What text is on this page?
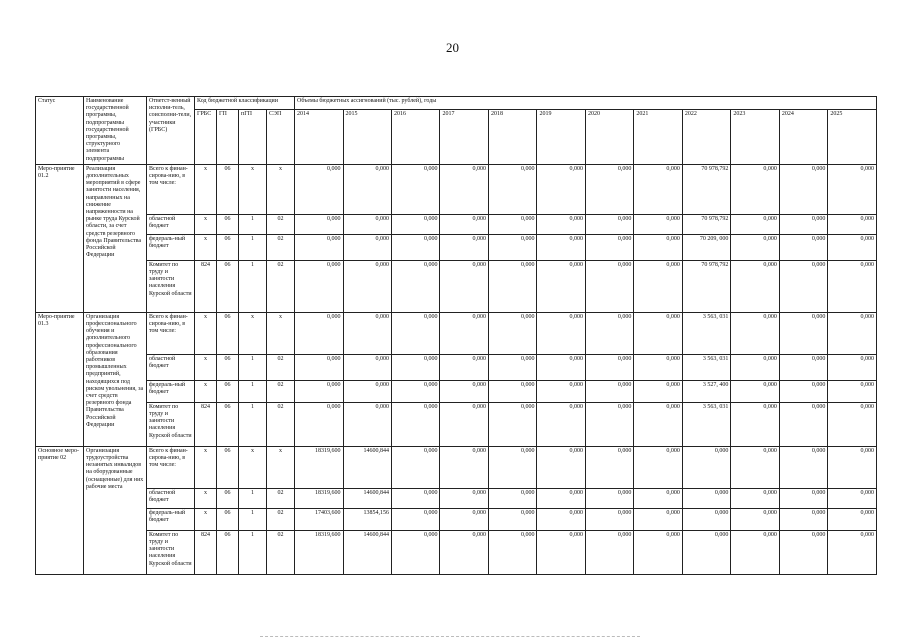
20
Статус	Наименование государственной программы, подпрограммы государственной программы, структурного элемента подпрограммы	Ответст-венный исполни-тель, соисполни-тели, участники (ГРБС)	Код бюджетной классификации				Объемы бюджетных ассигнований (тыс. рублей), годы											
			ГРБС	ГП	пГП	СЭП	2014	2015	2016	2017	2018	2019	2020	2021	2022	2023	2024	2025
Меро-приятие 01.2	Реализация дополнительных мероприятий в сфере занятости населения, направленных на снижение напряженности на рынке труда Курской области, за счет средств резервного фонда Правительства Российской Федерации	Всего к финан-сирова-нию, в том числе:	х	06	х	х	0,000	0,000	0,000	0,000	0,000	0,000	0,000	0,000	70 978,792	0,000	0,000	0,000
		областной бюджет	х	06	1	02	0,000	0,000	0,000	0,000	0,000	0,000	0,000	0,000	70 978,792	0,000	0,000	0,000
		федераль-ный бюджет	х	06	1	02	0,000	0,000	0,000	0,000	0,000	0,000	0,000	0,000	70 209, 000	0,000	0,000	0,000
		Комитет по труду и занятости населения Курской области	824	06	1	02	0,000	0,000	0,000	0,000	0,000	0,000	0,000	0,000	70 978,792	0,000	0,000	0,000
Меро-приятие 01.3	Организация профессионального обучения и дополнительного профессионального образования работников промышленных предприятий, находящихся под риском увольнения, за счет средств резервного фонда Правительства Российской Федерации	Всего к финан-сирова-нию, в том числе:	х	06	х	х	0,000	0,000	0,000	0,000	0,000	0,000	0,000	0,000	3 563, 031	0,000	0,000	0,000
		областной бюджет	х	06	1	02	0,000	0,000	0,000	0,000	0,000	0,000	0,000	0,000	3 563, 031	0,000	0,000	0,000
		федераль-ный бюджет	х	06	1	02	0,000	0,000	0,000	0,000	0,000	0,000	0,000	0,000	3 527, 400	0,000	0,000	0,000
		Комитет по труду и занятости населения Курской области	824	06	1	02	0,000	0,000	0,000	0,000	0,000	0,000	0,000	0,000	3 563, 031	0,000	0,000	0,000
Основное меро-приятие 02	Организация трудоустройства незанятых инвалидов на оборудованные (оснащенные) для них рабочие места	Всего к финан-сирова-нию, в том числе:	х	06	х	х	18319,600	14600,844	0,000	0,000	0,000	0,000	0,000	0,000	0,000	0,000	0,000	0,000
		областной бюджет	х	06	1	02	18319,600	14600,844	0,000	0,000	0,000	0,000	0,000	0,000	0,000	0,000	0,000	0,000
		федераль-ный бюджет	х	06	1	02	17403,600	13854,156	0,000	0,000	0,000	0,000	0,000	0,000	0,000	0,000	0,000	0,000
		Комитет по труду и занятости населения Курской области	824	06	1	02	18319,600	14600,844	0,000	0,000	0,000	0,000	0,000	0,000	0,000	0,000	0,000	0,000
